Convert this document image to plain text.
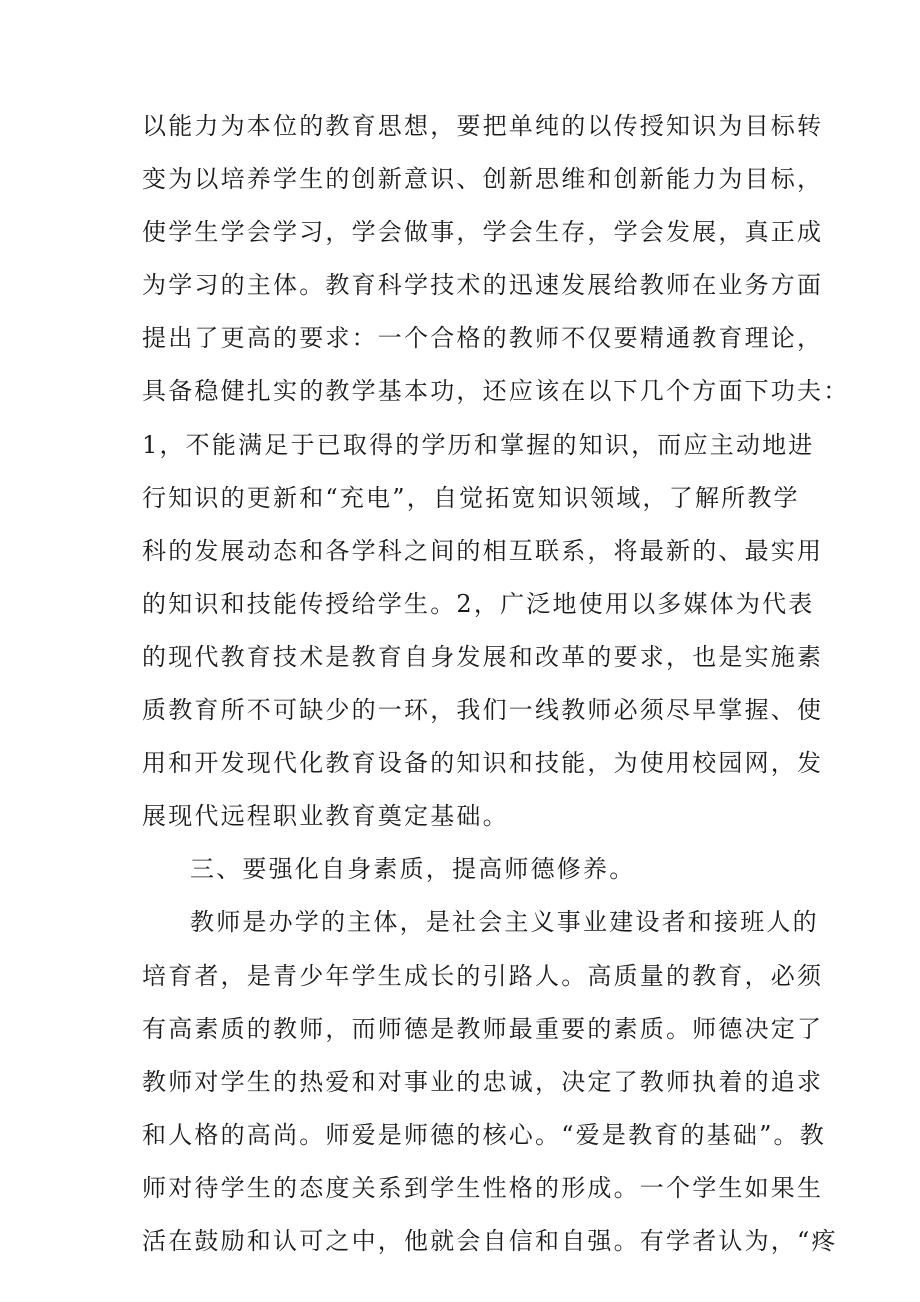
以能力为本位的教育思想，要把单纯的以传授知识为目标转
变为以培养学生的创新意识、创新思维和创新能力为目标，
使学生学会学习，学会做事，学会生存，学会发展，真正成
为学习的主体。教育科学技术的迅速发展给教师在业务方面
提出了更高的要求：一个合格的教师不仅要精通教育理论，
具备稳健扎实的教学基本功，还应该在以下几个方面下功夫：
1，不能满足于已取得的学历和掌握的知识，而应主动地进
行知识的更新和“充电”，自觉拓宽知识领域，了解所教学
科的发展动态和各学科之间的相互联系，将最新的、最实用
的知识和技能传授给学生。2，广泛地使用以多媒体为代表
的现代教育技术是教育自身发展和改革的要求，也是实施素
质教育所不可缺少的一环，我们一线教师必须尽早掌握、使
用和开发现代化教育设备的知识和技能，为使用校园网，发
展现代远程职业教育奠定基础。
三、要强化自身素质，提高师德修养。
教师是办学的主体，是社会主义事业建设者和接班人的
培育者，是青少年学生成长的引路人。高质量的教育，必须
有高素质的教师，而师德是教师最重要的素质。师德决定了
教师对学生的热爱和对事业的忠诚，决定了教师执着的追求
和人格的高尚。师爱是师德的核心。“爱是教育的基础”。教
师对待学生的态度关系到学生性格的形成。一个学生如果生
活在鼓励和认可之中，他就会自信和自强。有学者认为，“疼
